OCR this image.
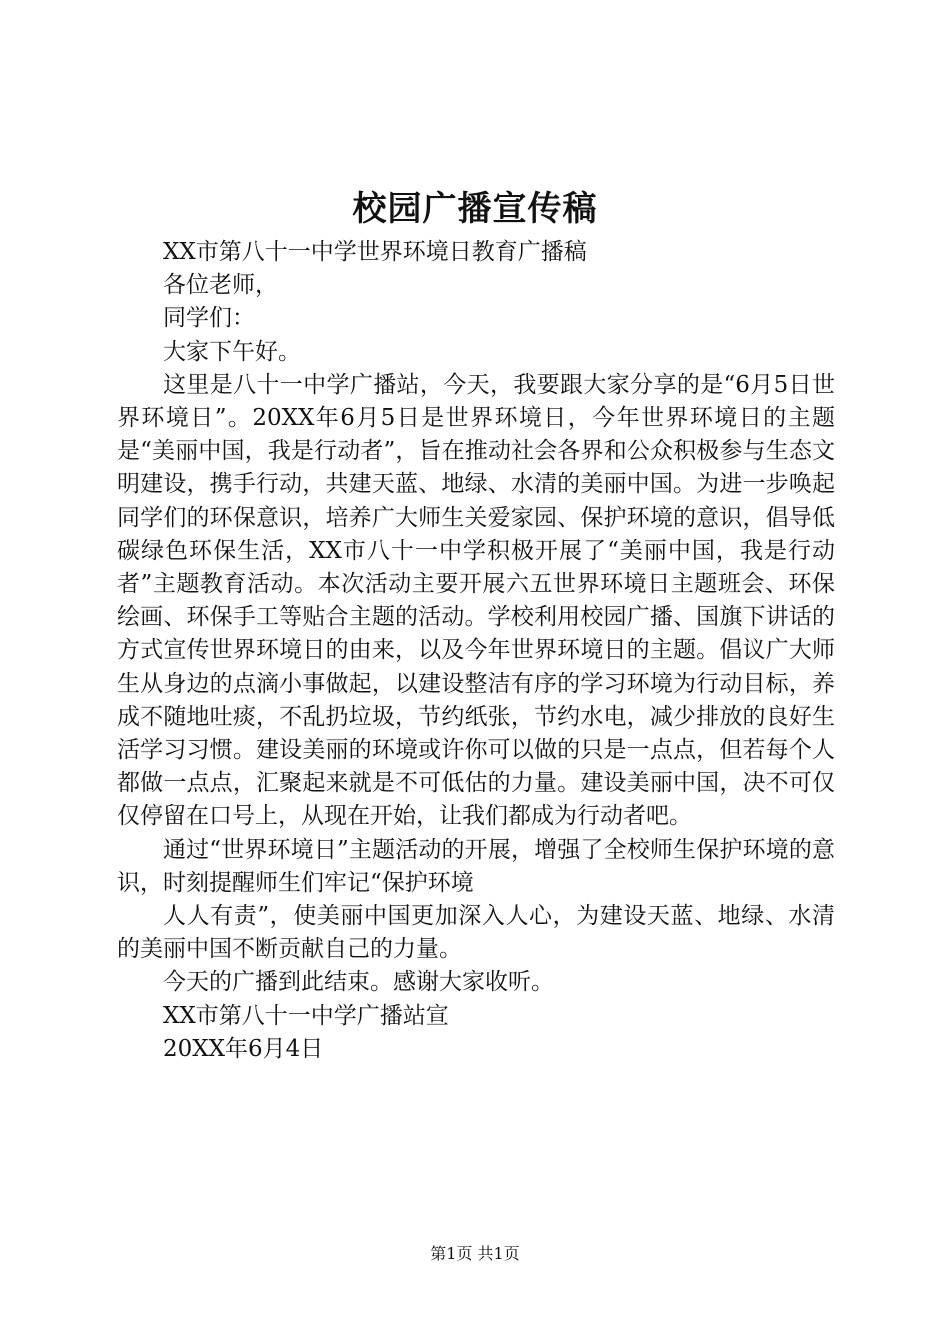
校园广播宣传稿

XX市第八十一中学世界环境日教育广播稿

各位老师，

同学们：

大家下午好。

这里是八十一中学广播站，今天，我要跟大家分享的是“6月5日世界环境日”。20XX年6月5日是世界环境日，今年世界环境日的主题是“美丽中国，我是行动者”，旨在推动社会各界和公众积极参与生态文明建设，携手行动，共建天蓝、地绿、水清的美丽中国。为进一步唤起同学们的环保意识，培养广大师生关爱家园、保护环境的意识，倡导低碳绿色环保生活，XX市八十一中学积极开展了“美丽中国，我是行动者”主题教育活动。本次活动主要开展六五世界环境日主题班会、环保绘画、环保手工等贴合主题的活动。学校利用校园广播、国旗下讲话的方式宣传世界环境日的由来，以及今年世界环境日的主题。倡议广大师生从身边的点滴小事做起，以建设整洁有序的学习环境为行动目标，养成不随地吐痰，不乱扔垃圾，节约纸张，节约水电，减少排放的良好生活学习习惯。建设美丽的环境或许你可以做的只是一点点，但若每个人都做一点点，汇聚起来就是不可低估的力量。建设美丽中国，决不可仅仅停留在口号上，从现在开始，让我们都成为行动者吧。

通过“世界环境日”主题活动的开展，增强了全校师生保护环境的意识，时刻提醒师生们牢记“保护环境

人人有责”，使美丽中国更加深入人心，为建设天蓝、地绿、水清的美丽中国不断贡献自己的力量。

今天的广播到此结束。感谢大家收听。

XX市第八十一中学广播站宣

20XX年6月4日

第1页 共1页
